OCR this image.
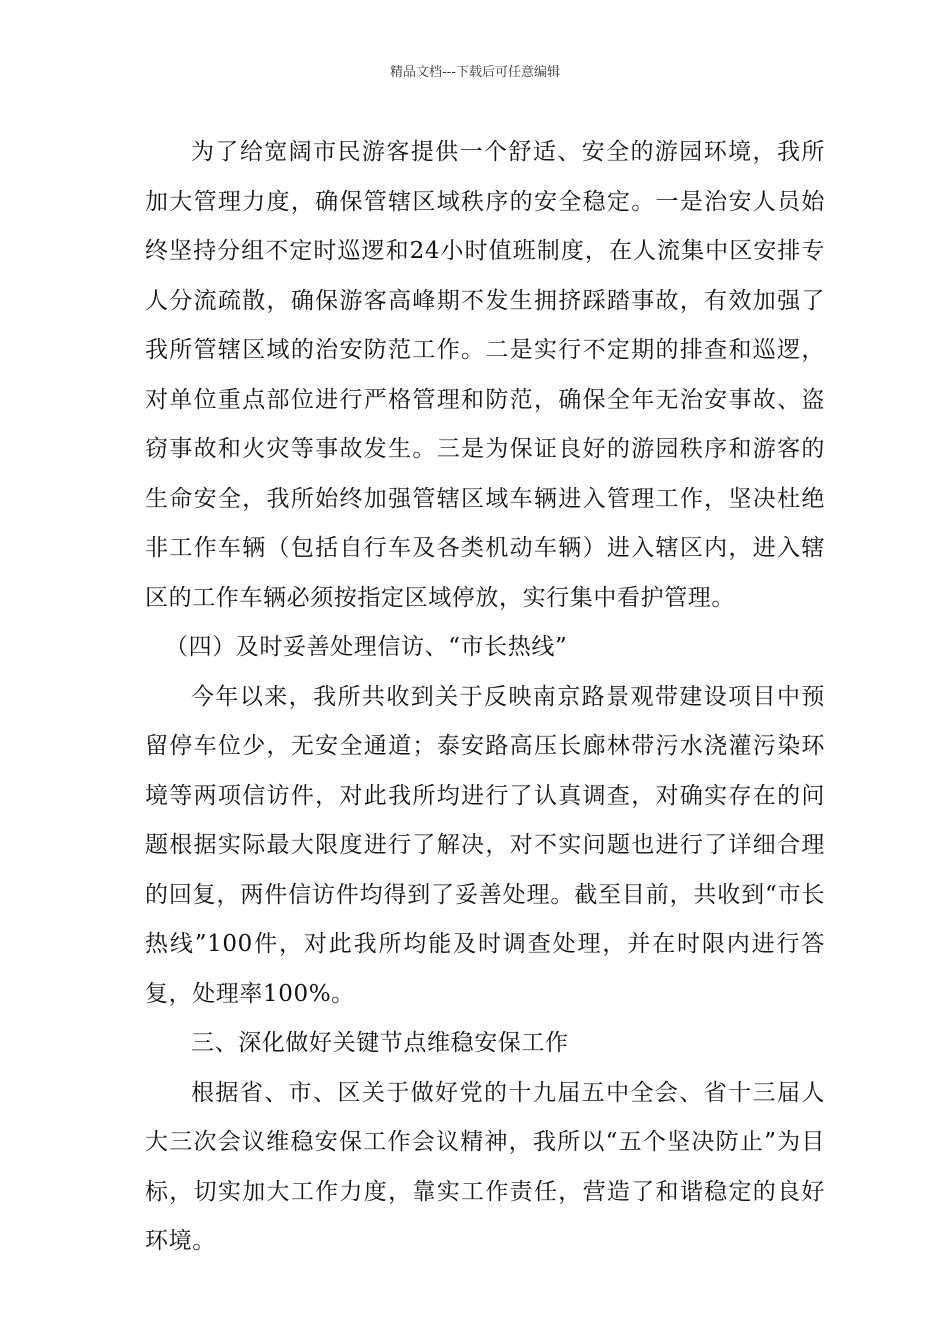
精品文档---下载后可任意编辑

为了给宽阔市民游客提供一个舒适、安全的游园环境，我所加大管理力度，确保管辖区域秩序的安全稳定。一是治安人员始终坚持分组不定时巡逻和24小时值班制度，在人流集中区安排专人分流疏散，确保游客高峰期不发生拥挤踩踏事故，有效加强了我所管辖区域的治安防范工作。二是实行不定期的排查和巡逻，对单位重点部位进行严格管理和防范，确保全年无治安事故、盗窃事故和火灾等事故发生。三是为保证良好的游园秩序和游客的生命安全，我所始终加强管辖区域车辆进入管理工作，坚决杜绝非工作车辆（包括自行车及各类机动车辆）进入辖区内，进入辖区的工作车辆必须按指定区域停放，实行集中看护管理。

（四）及时妥善处理信访、“市长热线”

今年以来，我所共收到关于反映南京路景观带建设项目中预留停车位少，无安全通道；泰安路高压长廊林带污水浇灌污染环境等两项信访件，对此我所均进行了认真调查，对确实存在的问题根据实际最大限度进行了解决，对不实问题也进行了详细合理的回复，两件信访件均得到了妥善处理。截至目前，共收到“市长热线”100件，对此我所均能及时调查处理，并在时限内进行答复，处理率100%。

三、深化做好关键节点维稳安保工作

根据省、市、区关于做好党的十九届五中全会、省十三届人大三次会议维稳安保工作会议精神，我所以“五个坚决防止”为目标，切实加大工作力度，靠实工作责任，营造了和谐稳定的良好环境。
